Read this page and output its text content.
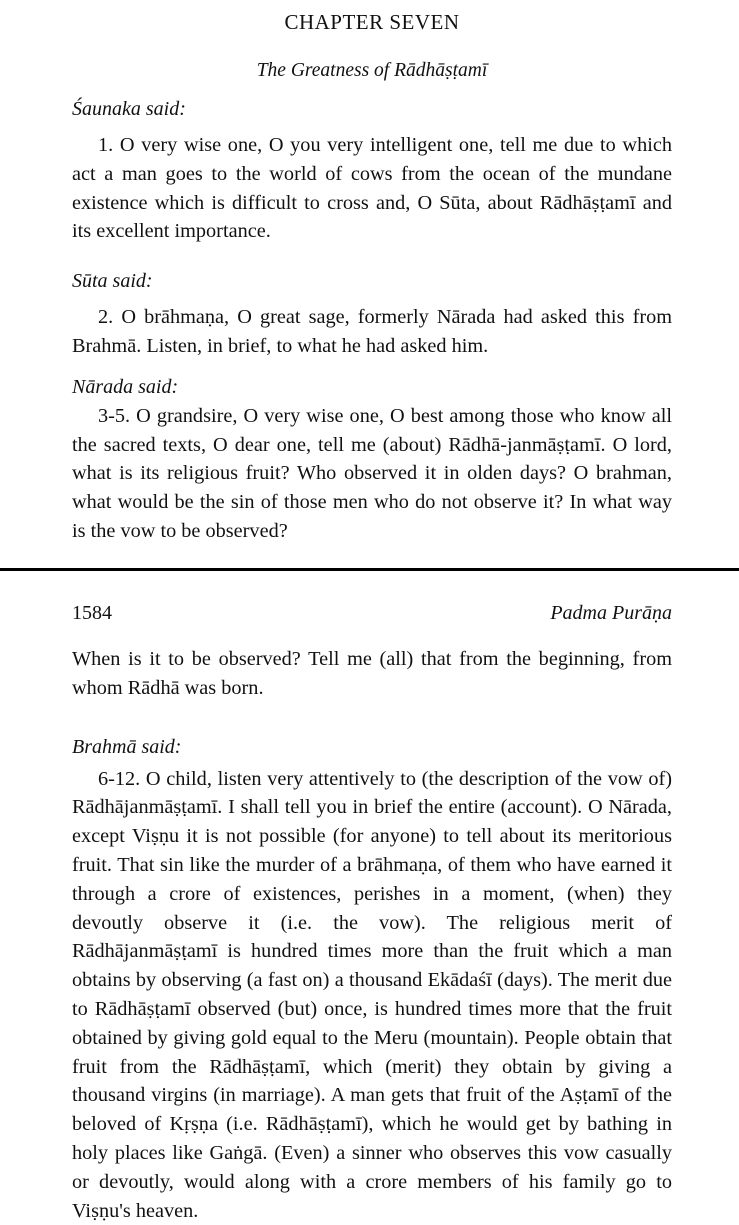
CHAPTER SEVEN

The Greatness of Rādhāṣṭamī

Śaunaka said:

1. O very wise one, O you very intelligent one, tell me due to which act a man goes to the world of cows from the ocean of the mundane existence which is difficult to cross and, O Sūta, about Rādhāṣṭamī and its excellent importance.

Sūta said:

2. O brāhmaṇa, O great sage, formerly Nārada had asked this from Brahmā. Listen, in brief, to what he had asked him.

Nārada said:

3-5. O grandsire, O very wise one, O best among those who know all the sacred texts, O dear one, tell me (about) Rādhā-janmāṣṭamī. O lord, what is its religious fruit? Who observed it in olden days? O brahman, what would be the sin of those men who do not observe it? In what way is the vow to be observed?

1584	Padma Purāṇa

When is it to be observed? Tell me (all) that from the beginning, from whom Rādhā was born.

Brahmā said:

6-12. O child, listen very attentively to (the description of the vow of) Rādhājanmāṣṭamī. I shall tell you in brief the entire (account). O Nārada, except Viṣṇu it is not possible (for anyone) to tell about its meritorious fruit. That sin like the murder of a brāhmaṇa, of them who have earned it through a crore of existences, perishes in a moment, (when) they devoutly observe it (i.e. the vow). The religious merit of Rādhājanmāṣṭamī is hundred times more than the fruit which a man obtains by observing (a fast on) a thousand Ekādaśī (days). The merit due to Rādhāṣṭamī observed (but) once, is hundred times more that the fruit obtained by giving gold equal to the Meru (mountain). People obtain that fruit from the Rādhāṣṭamī, which (merit) they obtain by giving a thousand virgins (in marriage). A man gets that fruit of the Aṣṭamī of the beloved of Kṛṣṇa (i.e. Rādhāṣṭamī), which he would get by bathing in holy places like Gaṅgā. (Even) a sinner who observes this vow casually or devoutly, would along with a crore members of his family go to Viṣṇu's heaven.
